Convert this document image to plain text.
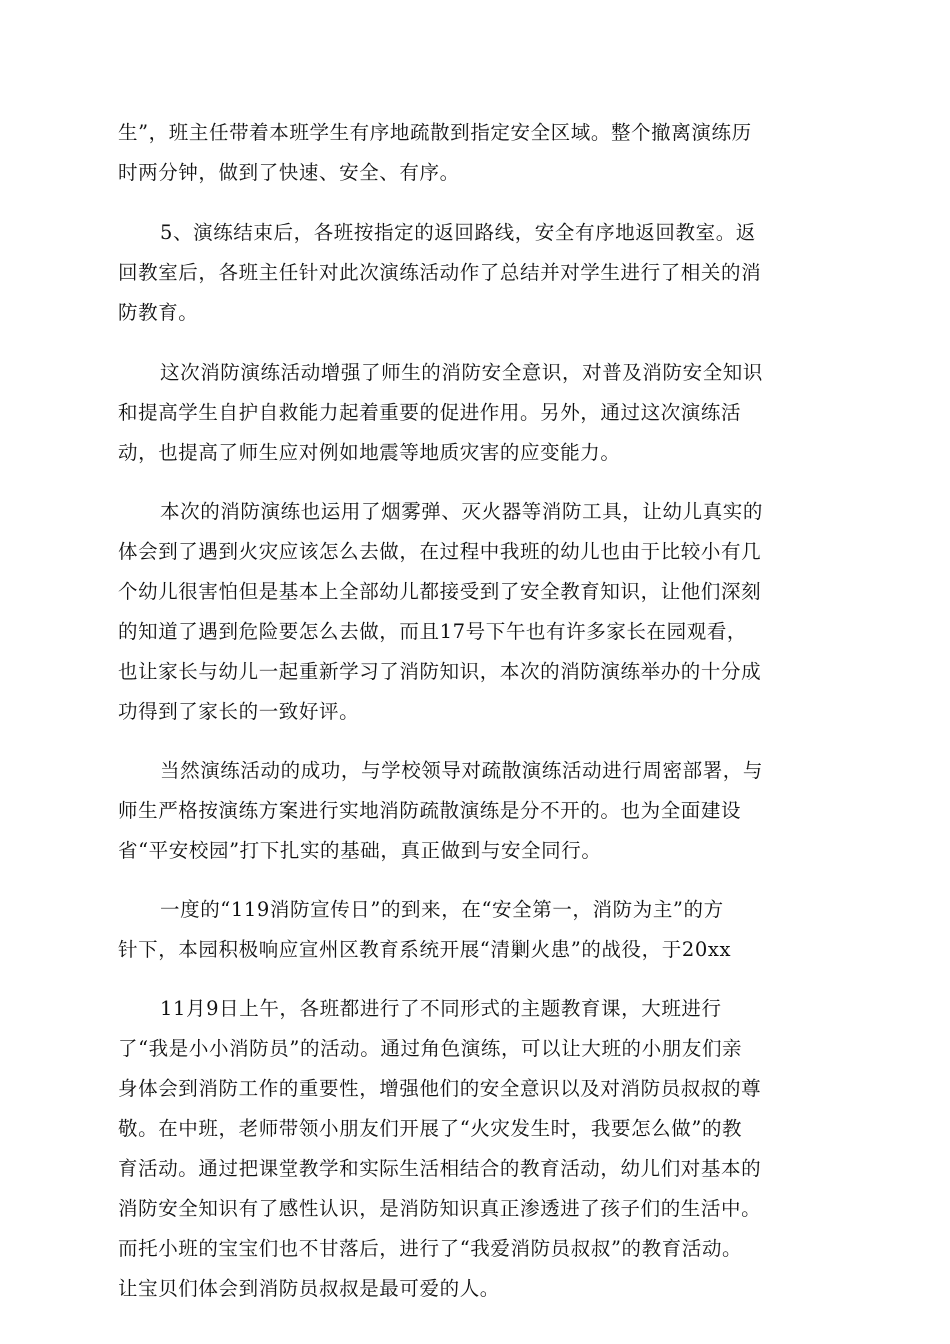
生”，班主任带着本班学生有序地疏散到指定安全区域。整个撤离演练历
时两分钟，做到了快速、安全、有序。

5、演练结束后，各班按指定的返回路线，安全有序地返回教室。返
回教室后，各班主任针对此次演练活动作了总结并对学生进行了相关的消
防教育。

这次消防演练活动增强了师生的消防安全意识，对普及消防安全知识
和提高学生自护自救能力起着重要的促进作用。另外，通过这次演练活
动，也提高了师生应对例如地震等地质灾害的应变能力。

本次的消防演练也运用了烟雾弹、灭火器等消防工具，让幼儿真实的
体会到了遇到火灾应该怎么去做，在过程中我班的幼儿也由于比较小有几
个幼儿很害怕但是基本上全部幼儿都接受到了安全教育知识，让他们深刻
的知道了遇到危险要怎么去做，而且17号下午也有许多家长在园观看，
也让家长与幼儿一起重新学习了消防知识，本次的消防演练举办的十分成
功得到了家长的一致好评。

当然演练活动的成功，与学校领导对疏散演练活动进行周密部署，与
师生严格按演练方案进行实地消防疏散演练是分不开的。也为全面建设
省“平安校园”打下扎实的基础，真正做到与安全同行。

一度的“119消防宣传日”的到来，在“安全第一，消防为主”的方
针下，本园积极响应宣州区教育系统开展“清剿火患”的战役，于20xx

11月9日上午，各班都进行了不同形式的主题教育课，大班进行
了“我是小小消防员”的活动。通过角色演练，可以让大班的小朋友们亲
身体会到消防工作的重要性，增强他们的安全意识以及对消防员叔叔的尊
敬。在中班，老师带领小朋友们开展了“火灾发生时，我要怎么做”的教
育活动。通过把课堂教学和实际生活相结合的教育活动，幼儿们对基本的
消防安全知识有了感性认识，是消防知识真正渗透进了孩子们的生活中。
而托小班的宝宝们也不甘落后，进行了“我爱消防员叔叔”的教育活动。
让宝贝们体会到消防员叔叔是最可爱的人。
